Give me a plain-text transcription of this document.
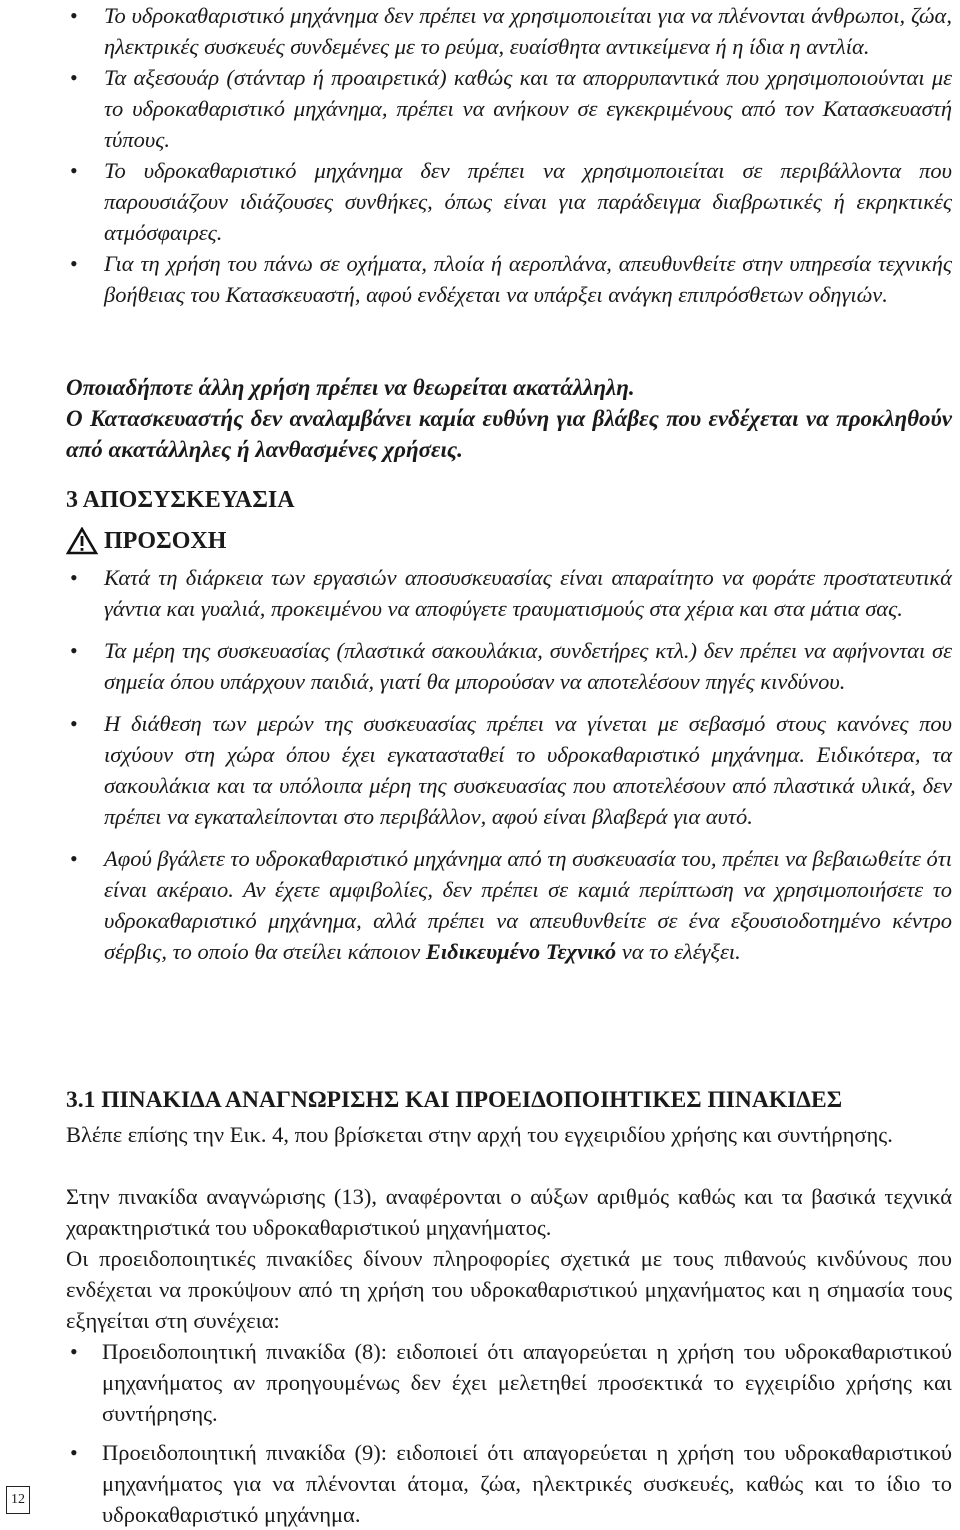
• Το υδροκαθαριστικό μηχάνημα δεν πρέπει να χρησιμοποιείται για να πλένονται άνθρωποι, ζώα, ηλεκτρικές συσκευές συνδεμένες με το ρεύμα, ευαίσθητα αντικείμενα ή η ίδια η αντλία.
• Τα αξεσουάρ (στάνταρ ή προαιρετικά) καθώς και τα απορρυπαντικά που χρησιμοποιούνται με το υδροκαθαριστικό μηχάνημα, πρέπει να ανήκουν σε εγκεκριμένους από τον Κατασκευαστή τύπους.
• Το υδροκαθαριστικό μηχάνημα δεν πρέπει να χρησιμοποιείται σε περιβάλλοντα που παρουσιάζουν ιδιάζουσες συνθήκες, όπως είναι για παράδειγμα διαβρωτικές ή εκρηκτικές ατμόσφαιρες.
• Για τη χρήση του πάνω σε οχήματα, πλοία ή αεροπλάνα, απευθυνθείτε στην υπηρεσία τεχνικής βοήθειας του Κατασκευαστή, αφού ενδέχεται να υπάρξει ανάγκη επιπρόσθετων οδηγιών.
Οποιαδήποτε άλλη χρήση πρέπει να θεωρείται ακατάλληλη.
Ο Κατασκευαστής δεν αναλαμβάνει καμία ευθύνη για βλάβες που ενδέχεται να προκληθούν από ακατάλληλες ή λανθασμένες χρήσεις.
3 ΑΠΟΣΥΣΚΕΥΑΣΙΑ
ΠΡΟΣΟΧΗ
• Κατά τη διάρκεια των εργασιών αποσυσκευασίας είναι απαραίτητο να φοράτε προστατευτικά γάντια και γυαλιά, προκειμένου να αποφύγετε τραυματισμούς στα χέρια και στα μάτια σας.
• Τα μέρη της συσκευασίας (πλαστικά σακουλάκια, συνδετήρες κτλ.) δεν πρέπει να αφήνονται σε σημεία όπου υπάρχουν παιδιά, γιατί θα μπορούσαν να αποτελέσουν πηγές κινδύνου.
• Η διάθεση των μερών της συσκευασίας πρέπει να γίνεται με σεβασμό στους κανόνες που ισχύουν στη χώρα όπου έχει εγκατασταθεί το υδροκαθαριστικό μηχάνημα. Ειδικότερα, τα σακουλάκια και τα υπόλοιπα μέρη της συσκευασίας που αποτελέσουν από πλαστικά υλικά, δεν πρέπει να εγκαταλείπονται στο περιβάλλον, αφού είναι βλαβερά για αυτό.
• Αφού βγάλετε το υδροκαθαριστικό μηχάνημα από τη συσκευασία του, πρέπει να βεβαιωθείτε ότι είναι ακέραιο. Αν έχετε αμφιβολίες, δεν πρέπει σε καμιά περίπτωση να χρησιμοποιήσετε το υδροκαθαριστικό μηχάνημα, αλλά πρέπει να απευθυνθείτε σε ένα εξουσιοδοτημένο κέντρο σέρβις, το οποίο θα στείλει κάποιον Ειδικευμένο Τεχνικό να το ελέγξει.
3.1 ΠΙΝΑΚΙΔΑ ΑΝΑΓΝΩΡΙΣΗΣ ΚΑΙ ΠΡΟΕΙΔΟΠΟΙΗΤΙΚΕΣ ΠΙΝΑΚΙΔΕΣ
Βλέπε επίσης την Εικ. 4, που βρίσκεται στην αρχή του εγχειριδίου χρήσης και συντήρησης.
Στην πινακίδα αναγνώρισης (13), αναφέρονται ο αύξων αριθμός καθώς και τα βασικά τεχνικά χαρακτηριστικά του υδροκαθαριστικού μηχανήματος.
Οι προειδοποιητικές πινακίδες δίνουν πληροφορίες σχετικά με τους πιθανούς κινδύνους που ενδέχεται να προκύψουν από τη χρήση του υδροκαθαριστικού μηχανήματος και η σημασία τους εξηγείται στη συνέχεια:
• Προειδοποιητική πινακίδα (8): ειδοποιεί ότι απαγορεύεται η χρήση του υδροκαθαριστικού μηχανήματος αν προηγουμένως δεν έχει μελετηθεί προσεκτικά το εγχειρίδιο χρήσης και συντήρησης.
• Προειδοποιητική πινακίδα (9): ειδοποιεί ότι απαγορεύεται η χρήση του υδροκαθαριστικού μηχανήματος για να πλένονται άτομα, ζώα, ηλεκτρικές συσκευές, καθώς και το ίδιο το υδροκαθαριστικό μηχάνημα.
12
